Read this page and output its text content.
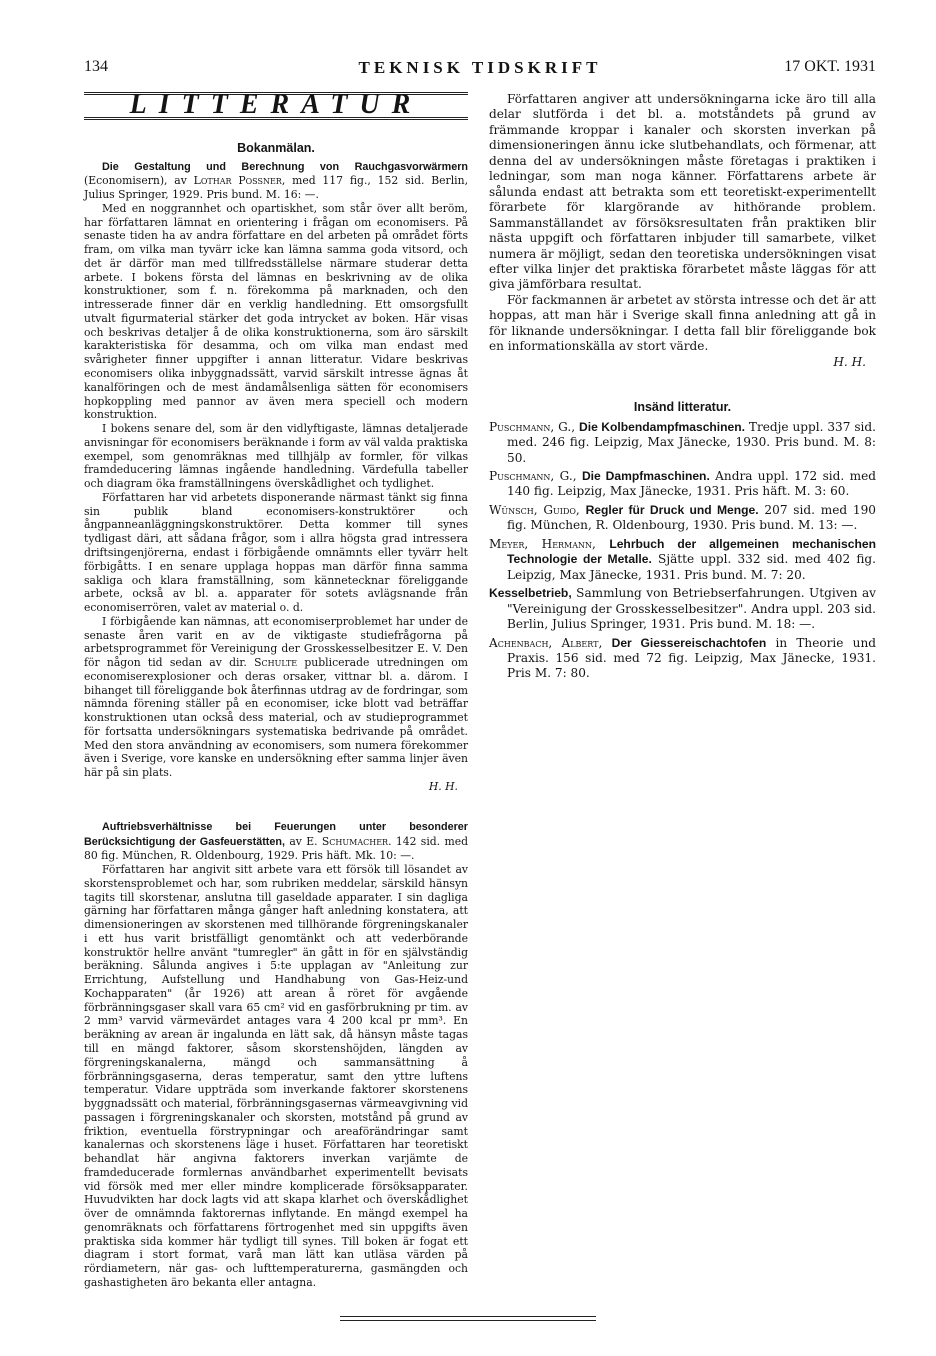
134	TEKNISK TIDSKRIFT	17 OKT. 1931
LITTERATUR
Bokanmälan.

Die Gestaltung und Berechnung von Rauchgasvorwärmern (Economisern), av Lothar Possner, med 117 fig., 152 sid. Berlin, Julius Springer, 1929. Pris bund. M. 16: —.

Med en noggrannhet och opartiskhet, som står över allt beröm, har författaren lämnat en orientering i frågan om economisers. På senaste tiden ha av andra författare en del arbeten på området förts fram, om vilka man tyvärr icke kan lämna samma goda vitsord, och det är därför man med tillfredsställelse närmare studerar detta arbete. I bokens första del lämnas en beskrivning av de olika konstruktioner, som f. n. förekomma på marknaden, och den intresserade finner där en verklig handledning. Ett omsorgsfullt utvalt figurmaterial stärker det goda intrycket av boken. Här visas och beskrivas detaljer å de olika konstruktionerna, som äro särskilt karakteristiska för desamma, och om vilka man endast med svårigheter finner uppgifter i annan litteratur. Vidare beskrivas economisers olika inbyggnadssätt, varvid särskilt intresse ägnas åt kanalföringen och de mest ändamålsenliga sätten för economisers hopkoppling med pannor av även mera speciell och modern konstruktion.

I bokens senare del, som är den vidlyftigaste, lämnas detaljerade anvisningar för economisers beräknande i form av väl valda praktiska exempel, som genomräknas med tillhjälp av formler, för vilkas framdeducering lämnas ingående handledning. Värdefulla tabeller och diagram öka framställningens överskådlighet och tydlighet.

Författaren har vid arbetets disponerande närmast tänkt sig finna sin publik bland economisers-konstruktörer och ångpanneanläggningskonstruktörer. Detta kommer till synes tydligast däri, att sådana frågor, som i allra högsta grad intressera driftsingenjörerna, endast i förbigående omnämnts eller tyvärr helt förbigåtts. I en senare upplaga hoppas man därför finna samma sakliga och klara framställning, som kännetecknar föreliggande arbete, också av bl. a. apparater för sotets avlägsnande från economiserrören, valet av material o. d.

I förbigående kan nämnas, att economiserproblemet har under de senaste åren varit en av de viktigaste studiefrågorna på arbetsprogrammet för Vereinigung der Grosskesselbesitzer E. V. Den för någon tid sedan av dir. Schulte publicerade utredningen om economiserexplosioner och deras orsaker, vittnar bl. a. därom. I bihanget till föreliggande bok återfinnas utdrag av de fordringar, som nämnda förening ställer på en economiser, icke blott vad beträffar konstruktionen utan också dess material, och av studieprogrammet för fortsatta undersökningars systematiska bedrivande på området. Med den stora användning av economisers, som numera förekommer även i Sverige, vore kanske en undersökning efter samma linjer även här på sin plats.

H. H.

Auftriebsverhältnisse bei Feuerungen unter besonderer Berücksichtigung der Gasfeuerstätten, av E. Schumacher. 142 sid. med 80 fig. München, R. Oldenbourg, 1929. Pris häft. Mk. 10: —.

Författaren har angivit sitt arbete vara ett försök till lösandet av skorstensproblemet och har, som rubriken meddelar, särskild hänsyn tagits till skorstenar, anslutna till gaseldade apparater. I sin dagliga gärning har författaren många gånger haft anledning konstatera, att dimensioneringen av skorstenen med tillhörande förgreningskanaler i ett hus varit bristfälligt genomtänkt och att vederbörande konstruktör hellre använt "tumregler" än gått in för en självständig beräkning. Sålunda angives i 5:te upplagan av "Anleitung zur Errichtung, Aufstellung und Handhabung von Gas-Heiz-und Kochapparaten" (år 1926) att arean å röret för avgående förbränningsgaser skall vara 65 cm² vid en gasförbrukning pr tim. av 2 mm³ varvid värmevärdet antages vara 4 200 kcal pr mm³. En beräkning av arean är ingalunda en lätt sak, då hänsyn måste tagas till en mängd faktorer, såsom skorstenshöjden, längden av förgreningskanalerna, mängd och sammansättning å förbränningsgaserna, deras temperatur, samt den yttre luftens temperatur. Vidare uppträda som inverkande faktorer skorstenens byggnadssätt och material, förbränningsgasernas värmeavgivning vid passagen i förgreningskanaler och skorsten, motstånd på grund av friktion, eventuella förstrypningar och areaförändringar samt kanalernas och skorstenens läge i huset. Författaren har teoretiskt behandlat här angivna faktorers inverkan varjämte de framdeducerade formlernas användbarhet experimentellt bevisats vid försök med mer eller mindre komplicerade försöksapparater. Huvudvikten har dock lagts vid att skapa klarhet och överskådlighet över de omnämnda faktorernas inflytande. En mängd exempel ha genomräknats och författarens förtrogenhet med sin uppgifts även praktiska sida kommer här tydligt till synes. Till boken är fogat ett diagram i stort format, varå man lätt kan utläsa värden på rördiametern, när gas- och lufttemperaturerna, gasmängden och gashastigheten äro bekanta eller antagna.

Författaren angiver att undersökningarna icke äro till alla delar slutförda i det bl. a. motståndets på grund av främmande kroppar i kanaler och skorsten inverkan på dimensioneringen ännu icke slutbehandlats, och förmenar, att denna del av undersökningen måste företagas i praktiken i ledningar, som man noga känner. Författarens arbete är sålunda endast att betrakta som ett teoretiskt-experimentellt förarbete för klargörande av hithörande problem. Sammanställandet av försöksresultaten från praktiken blir nästa uppgift och författaren inbjuder till samarbete, vilket numera är möjligt, sedan den teoretiska undersökningen visat efter vilka linjer det praktiska förarbetet måste läggas för att giva jämförbara resultat.

För fackmannen är arbetet av största intresse och det är att hoppas, att man här i Sverige skall finna anledning att gå in för liknande undersökningar. I detta fall blir föreliggande bok en informationskälla av stort värde.

H. H.

Insänd litteratur.

Puschmann, G., Die Kolbendampfmaschinen. Tredje uppl. 337 sid. med. 246 fig. Leipzig, Max Jänecke, 1930. Pris bund. M. 8: 50.

Puschmann, G., Die Dampfmaschinen. Andra uppl. 172 sid. med 140 fig. Leipzig, Max Jänecke, 1931. Pris häft. M. 3: 60.

Wünsch, Guido, Regler für Druck und Menge. 207 sid. med 190 fig. München, R. Oldenbourg, 1930. Pris bund. M. 13: —.

Meyer, Hermann, Lehrbuch der allgemeinen mechanischen Technologie der Metalle. Sjätte uppl. 332 sid. med 402 fig. Leipzig, Max Jänecke, 1931. Pris bund. M. 7: 20.

Kesselbetrieb, Sammlung von Betriebserfahrungen. Utgiven av "Vereinigung der Grosskesselbesitzer". Andra uppl. 203 sid. Berlin, Julius Springer, 1931. Pris bund. M. 18: —.

Achenbach, Albert, Der Giessereischachtofen in Theorie und Praxis. 156 sid. med 72 fig. Leipzig, Max Jänecke, 1931. Pris M. 7: 80.
